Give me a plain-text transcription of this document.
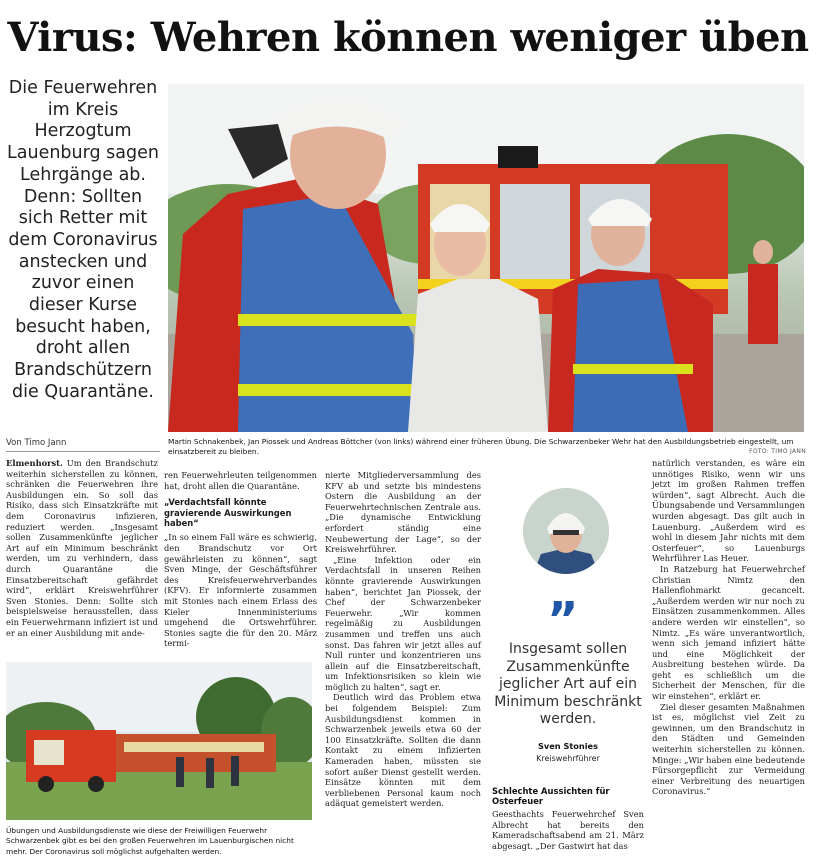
Virus: Wehren können weniger üben
Die Feuerwehren im Kreis Herzogtum Lauenburg sagen Lehrgänge ab. Denn: Sollten sich Retter mit dem Coronavirus anstecken und zuvor einen dieser Kurse besucht haben, droht allen Brandschützern die Quarantäne.
Martin Schnakenbek, Jan Piossek und Andreas Böttcher (von links) während einer früheren Übung. Die Schwarzenbeker Wehr hat den Ausbildungsbetrieb eingestellt, um einsatzbereit zu bleiben.	FOTO: TIMO JANN
Von Timo Jann

Elmenhorst. Um den Brandschutz weiterhin sicherstellen zu können, schränken die Feuerwehren ihre Ausbildungen ein. So soll das Risiko, dass sich Einsatzkräfte mit dem Coronavirus infizieren, reduziert werden. „Insgesamt sollen Zusammenkünfte jeglicher Art auf ein Minimum beschränkt werden, um zu verhindern, dass durch Quarantäne die Einsatzbereitschaft gefährdet wird“, erklärt Kreiswehrführer Sven Stonies. Denn: Sollte sich beispielsweise herausstellen, dass ein Feuerwehrmann infiziert ist und er an einer Ausbildung mit ande-

Übungen und Ausbildungsdienste wie diese der Freiwilligen Feuerwehr Schwarzenbek gibt es bei den großen Feuerwehren im Lauenburgischen nicht mehr. Der Coronavirus soll möglichst aufgehalten werden.

ren Feuerwehrleuten teilgenommen hat, droht allen die Quarantäne.

„Verdachtsfall könnte gravierende Auswirkungen haben“

„In so einem Fall wäre es schwierig, den Brandschutz vor Ort gewährleisten zu können“, sagt Sven Minge, der Geschäftsführer des Kreisfeuerwehrverbandes (KFV). Er informierte zusammen mit Stonies nach einem Erlass des Kieler Innenministeriums umgehend die Ortswehrführer. Stonies sagte die für den 20. März termi-

nierte Mitgliederversammlung des KFV ab und setzte bis mindestens Ostern die Ausbildung an der Feuerwehrtechnischen Zentrale aus. „Die dynamische Entwicklung erfordert ständig eine Neubewertung der Lage“, so der Kreiswehrführer.

„Eine Infektion oder ein Verdachtsfall in unseren Reihen könnte gravierende Auswirkungen haben“, berichtet Jan Piossek, der Chef der Schwarzenbeker Feuerwehr. „Wir kommen regelmäßig zu Ausbildungen zusammen und treffen uns auch sonst. Das fahren wir jetzt alles auf Null runter und konzentrieren uns allein auf die Einsatzbereitschaft, um Infektionsrisiken so klein wie möglich zu halten“, sagt er.

Deutlich wird das Problem etwa bei folgendem Beispiel: Zum Ausbildungsdienst kommen in Schwarzenbek jeweils etwa 60 der 100 Einsatzkräfte. Sollten die dann Kontakt zu einem infizierten Kameraden haben, müssten sie sofort außer Dienst gestellt werden. Einsätze könnten mit dem verbliebenen Personal kaum noch adäquat gemeistert werden.

”
Insgesamt sollen Zusammenkünfte jeglicher Art auf ein Minimum beschränkt werden.
Sven Stonies
Kreiswehrführer
Schlechte Aussichten für Osterfeuer

Geesthachts Feuerwehrchef Sven Albrecht hat bereits den Kameradschaftsabend am 21. März abgesagt. „Der Gastwirt hat das

natürlich verstanden, es wäre ein unnötiges Risiko, wenn wir uns jetzt im großen Rahmen treffen würden“, sagt Albrecht. Auch die Übungsabende und Versammlungen wurden abgesagt. Das gilt auch in Lauenburg. „Außerdem wird es wohl in diesem Jahr nichts mit dem Osterfeuer“, so Lauenburgs Wehrführer Las Heuer.

In Ratzeburg hat Feuerwehrchef Christian Nimtz den Hallenflohmarkt gecancelt. „Außerdem werden wir nur noch zu Einsätzen zusammenkommen. Alles andere werden wir einstellen“, so Nimtz. „Es wäre unverantwortlich, wenn sich jemand infiziert hätte und eine Möglichkeit der Ausbreitung bestehen würde. Da geht es schließlich um die Sicherheit der Menschen, für die wir einstehen“, erklärt er.

Ziel dieser gesamten Maßnahmen ist es, möglichst viel Zeit zu gewinnen, um den Brandschutz in den Städten und Gemeinden weiterhin sicherstellen zu können. Minge: „Wir haben eine bedeutende Fürsorgepflicht zur Vermeidung einer Verbreitung des neuartigen Coronavirus.“
